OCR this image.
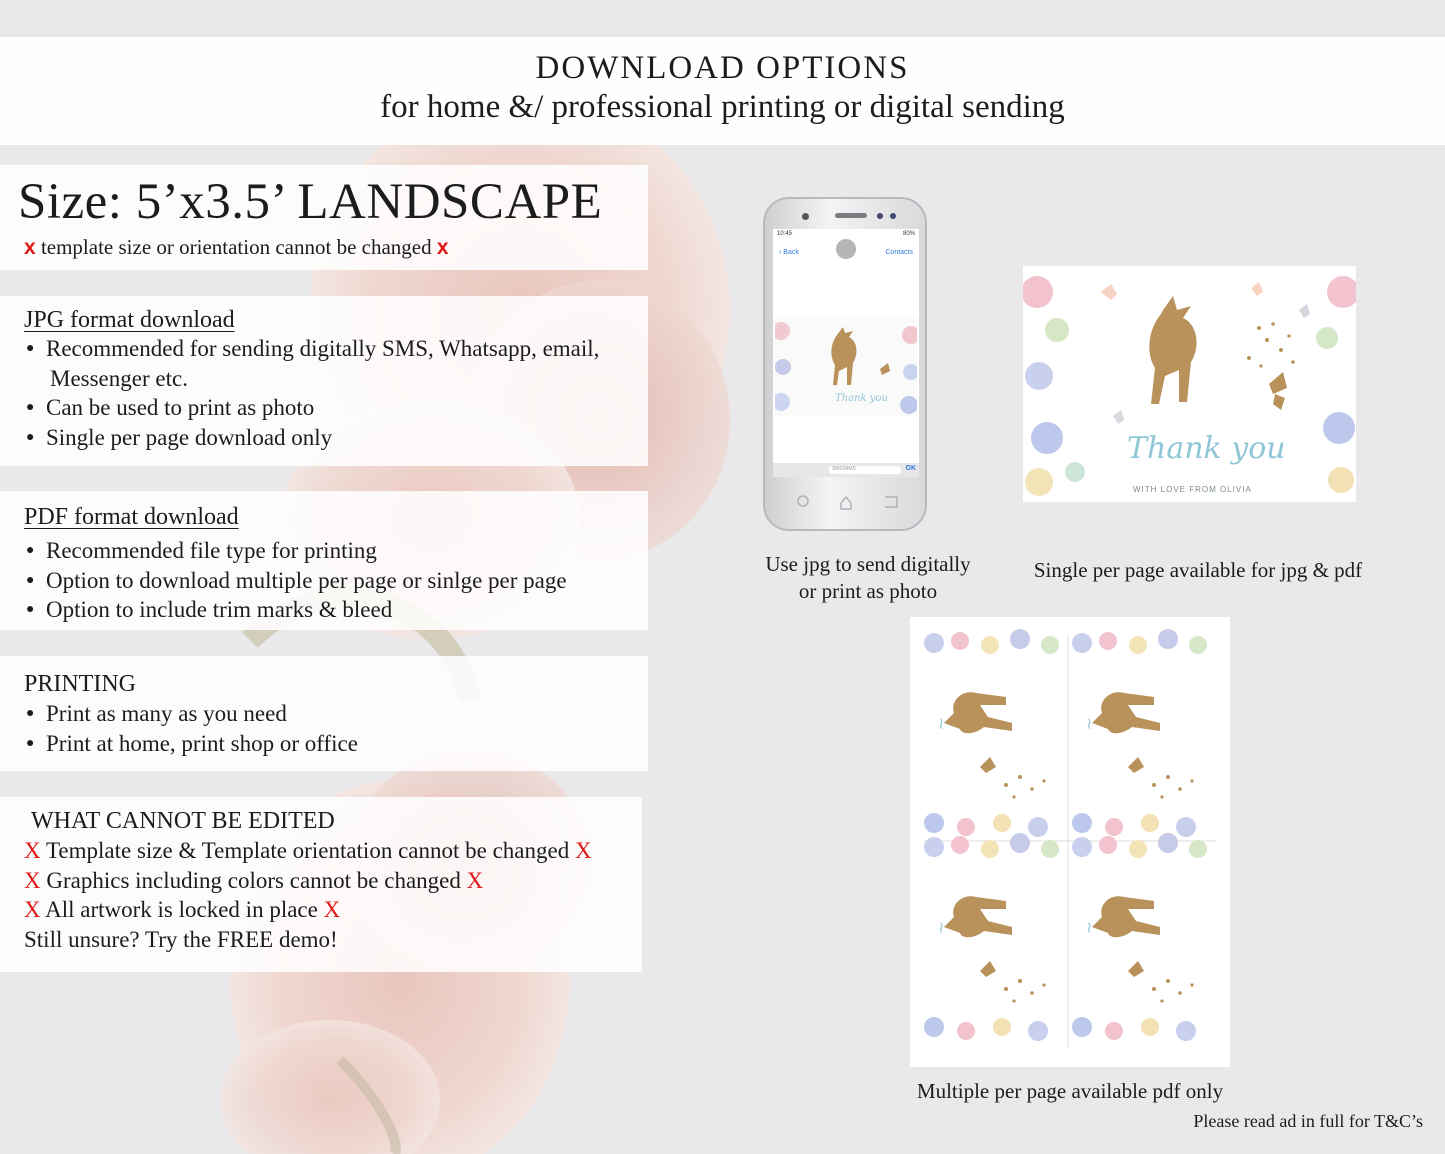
DOWNLOAD OPTIONS
for home &/ professional printing or digital sending
Size: 5’x3.5’ LANDSCAPE
x template size or orientation cannot be changed x
JPG format download
● Recommended for sending digitally SMS, Whatsapp, email,
Messenger etc.
● Can be used to print as photo
● Single per page download only
PDF format download
● Recommended file type for printing
● Option to download multiple per page or sinlge per page
● Option to include trim marks & bleed
PRINTING
● Print as many as you need
● Print at home, print shop or office
WHAT CANNOT BE EDITED
X Template size & Template orientation cannot be changed X
X Graphics including colors cannot be changed X
X All artwork is locked in place X
Still unsure? Try the FREE demo!
10:45	80%
‹ Back	Contacts
Thank you
SMS/MMS	OK
Thank you
WITH LOVE FROM OLIVIA
~
Use jpg to send digitally
or print as photo
Single per page available for jpg & pdf
Multiple per page available pdf only
Please read ad in full for T&C’s
